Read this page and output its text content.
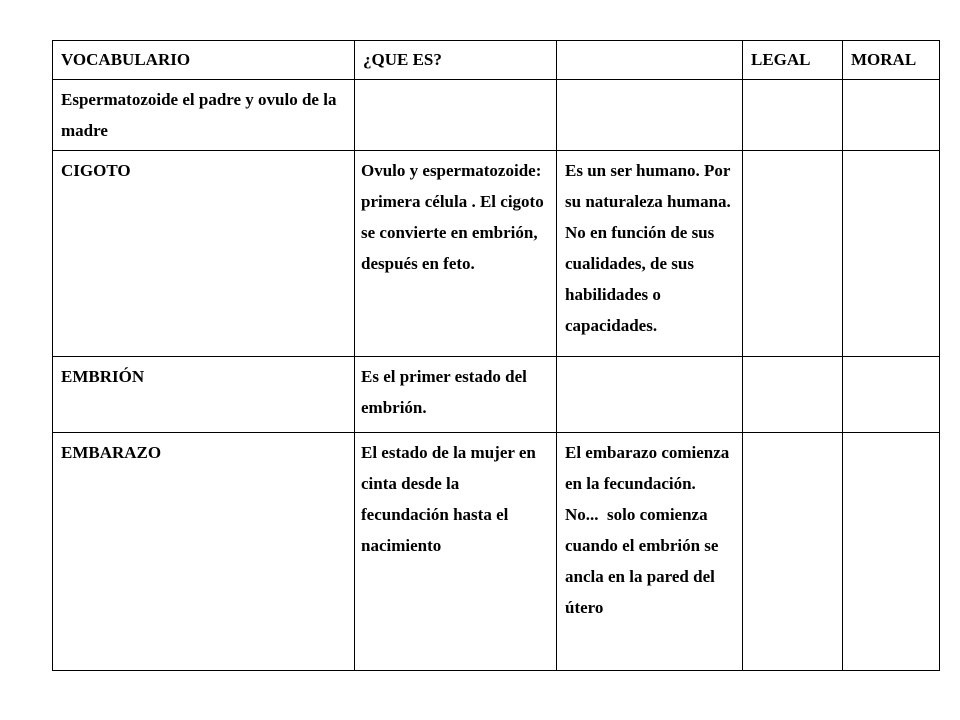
VOCABULARIO	¿QUE ES?		LEGAL	MORAL

Espermatozoide el padre y ovulo de la madre				

CIGOTO	Ovulo y espermatozoide: primera célula . El cigoto se convierte en embrión, después en feto.	Es un ser humano. Por su naturaleza humana. No en función de sus cualidades, de sus habilidades o capacidades.		

EMBRIÓN	Es el primer estado del embrión.			

EMBARAZO	El estado de la mujer en cinta desde la fecundación hasta el nacimiento	El embarazo comienza en la fecundación.
No...  solo comienza cuando el embrión se ancla en la pared del útero		
